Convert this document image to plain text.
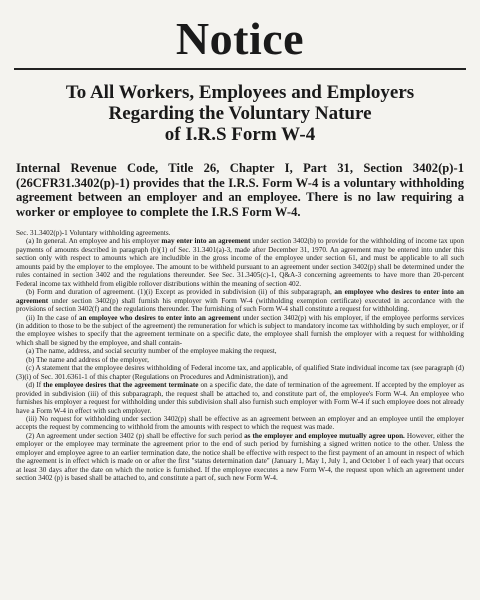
Notice
To All Workers, Employees and Employers
Regarding the Voluntary Nature
of I.R.S Form W-4

Internal Revenue Code, Title 26, Chapter I, Part 31, Section 3402(p)-1 (26CFR31.3402(p)-1) provides that the I.R.S. Form W-4 is a voluntary withholding agreement between an employer and an employee. There is no law requiring a worker or employee to complete the I.R.S Form W-4.

Sec. 31.3402(p)-1 Voluntary withholding agreements.

(a) In general. An employee and his employer may enter into an agreement under section 3402(b) to provide for the withholding of income tax upon payments of amounts described in paragraph (b)(1) of Sec. 31.3401(a)-3, made after December 31, 1970. An agreement may be entered into under this section only with respect to amounts which are includible in the gross income of the employee under section 61, and must be applicable to all such amounts paid by the employer to the employee. The amount to be withheld pursuant to an agreement under section 3402(p) shall be determined under the rules contained in section 3402 and the regulations thereunder. See Sec. 31.3405(c)-1, Q&A-3 concerning agreements to have more than 20-percent Federal income tax withheld from eligible rollover distributions within the meaning of section 402.

(b) Form and duration of agreement. (1)(i) Except as provided in subdivision (ii) of this subparagraph, an employee who desires to enter into an agreement under section 3402(p) shall furnish his employer with Form W-4 (withholding exemption certificate) executed in accordance with the provisions of section 3402(f) and the regulations thereunder. The furnishing of such Form W-4 shall constitute a request for withholding.

(ii) In the case of an employee who desires to enter into an agreement under section 3402(p) with his employer, if the employee performs services (in addition to those to be the subject of the agreement) the remuneration for which is subject to mandatory income tax withholding by such employer, or if the employee wishes to specify that the agreement terminate on a specific date, the employee shall furnish the employer with a request for withholding which shall be signed by the employee, and shall contain-

(a) The name, address, and social security number of the employee making the request,

(b) The name and address of the employer,

(c) A statement that the employee desires withholding of Federal income tax, and applicable, of qualified State individual income tax (see paragraph (d)(3)(i) of Sec. 301.6361-1 of this chapter (Regulations on Procedures and Administration)), and

(d) If the employee desires that the agreement terminate on a specific date, the date of termination of the agreement. If accepted by the employer as provided in subdivision (iii) of this subparagraph, the request shall be attached to, and constitute part of, the employee's Form W-4. An employee who furnishes his employer a request for withholding under this subdivision shall also furnish such employer with Form W-4 if such employee does not already have a Form W-4 in effect with such employer.

(iii) No request for withholding under section 3402(p) shall be effective as an agreement between an employer and an employee until the employer accepts the request by commencing to withhold from the amounts with respect to which the request was made.

(2) An agreement under section 3402 (p) shall be effective for such period as the employer and employee mutually agree upon. However, either the employer or the employee may terminate the agreement prior to the end of such period by furnishing a signed written notice to the other. Unless the employer and employee agree to an earlier termination date, the notice shall be effective with respect to the first payment of an amount in respect of which the agreement is in effect which is made on or after the first "status determination date" (January 1, May 1, July 1, and October 1 of each year) that occurs at least 30 days after the date on which the notice is furnished. If the employee executes a new Form W-4, the request upon which an agreement under section 3402 (p) is based shall be attached to, and constitute a part of, such new Form W-4.
